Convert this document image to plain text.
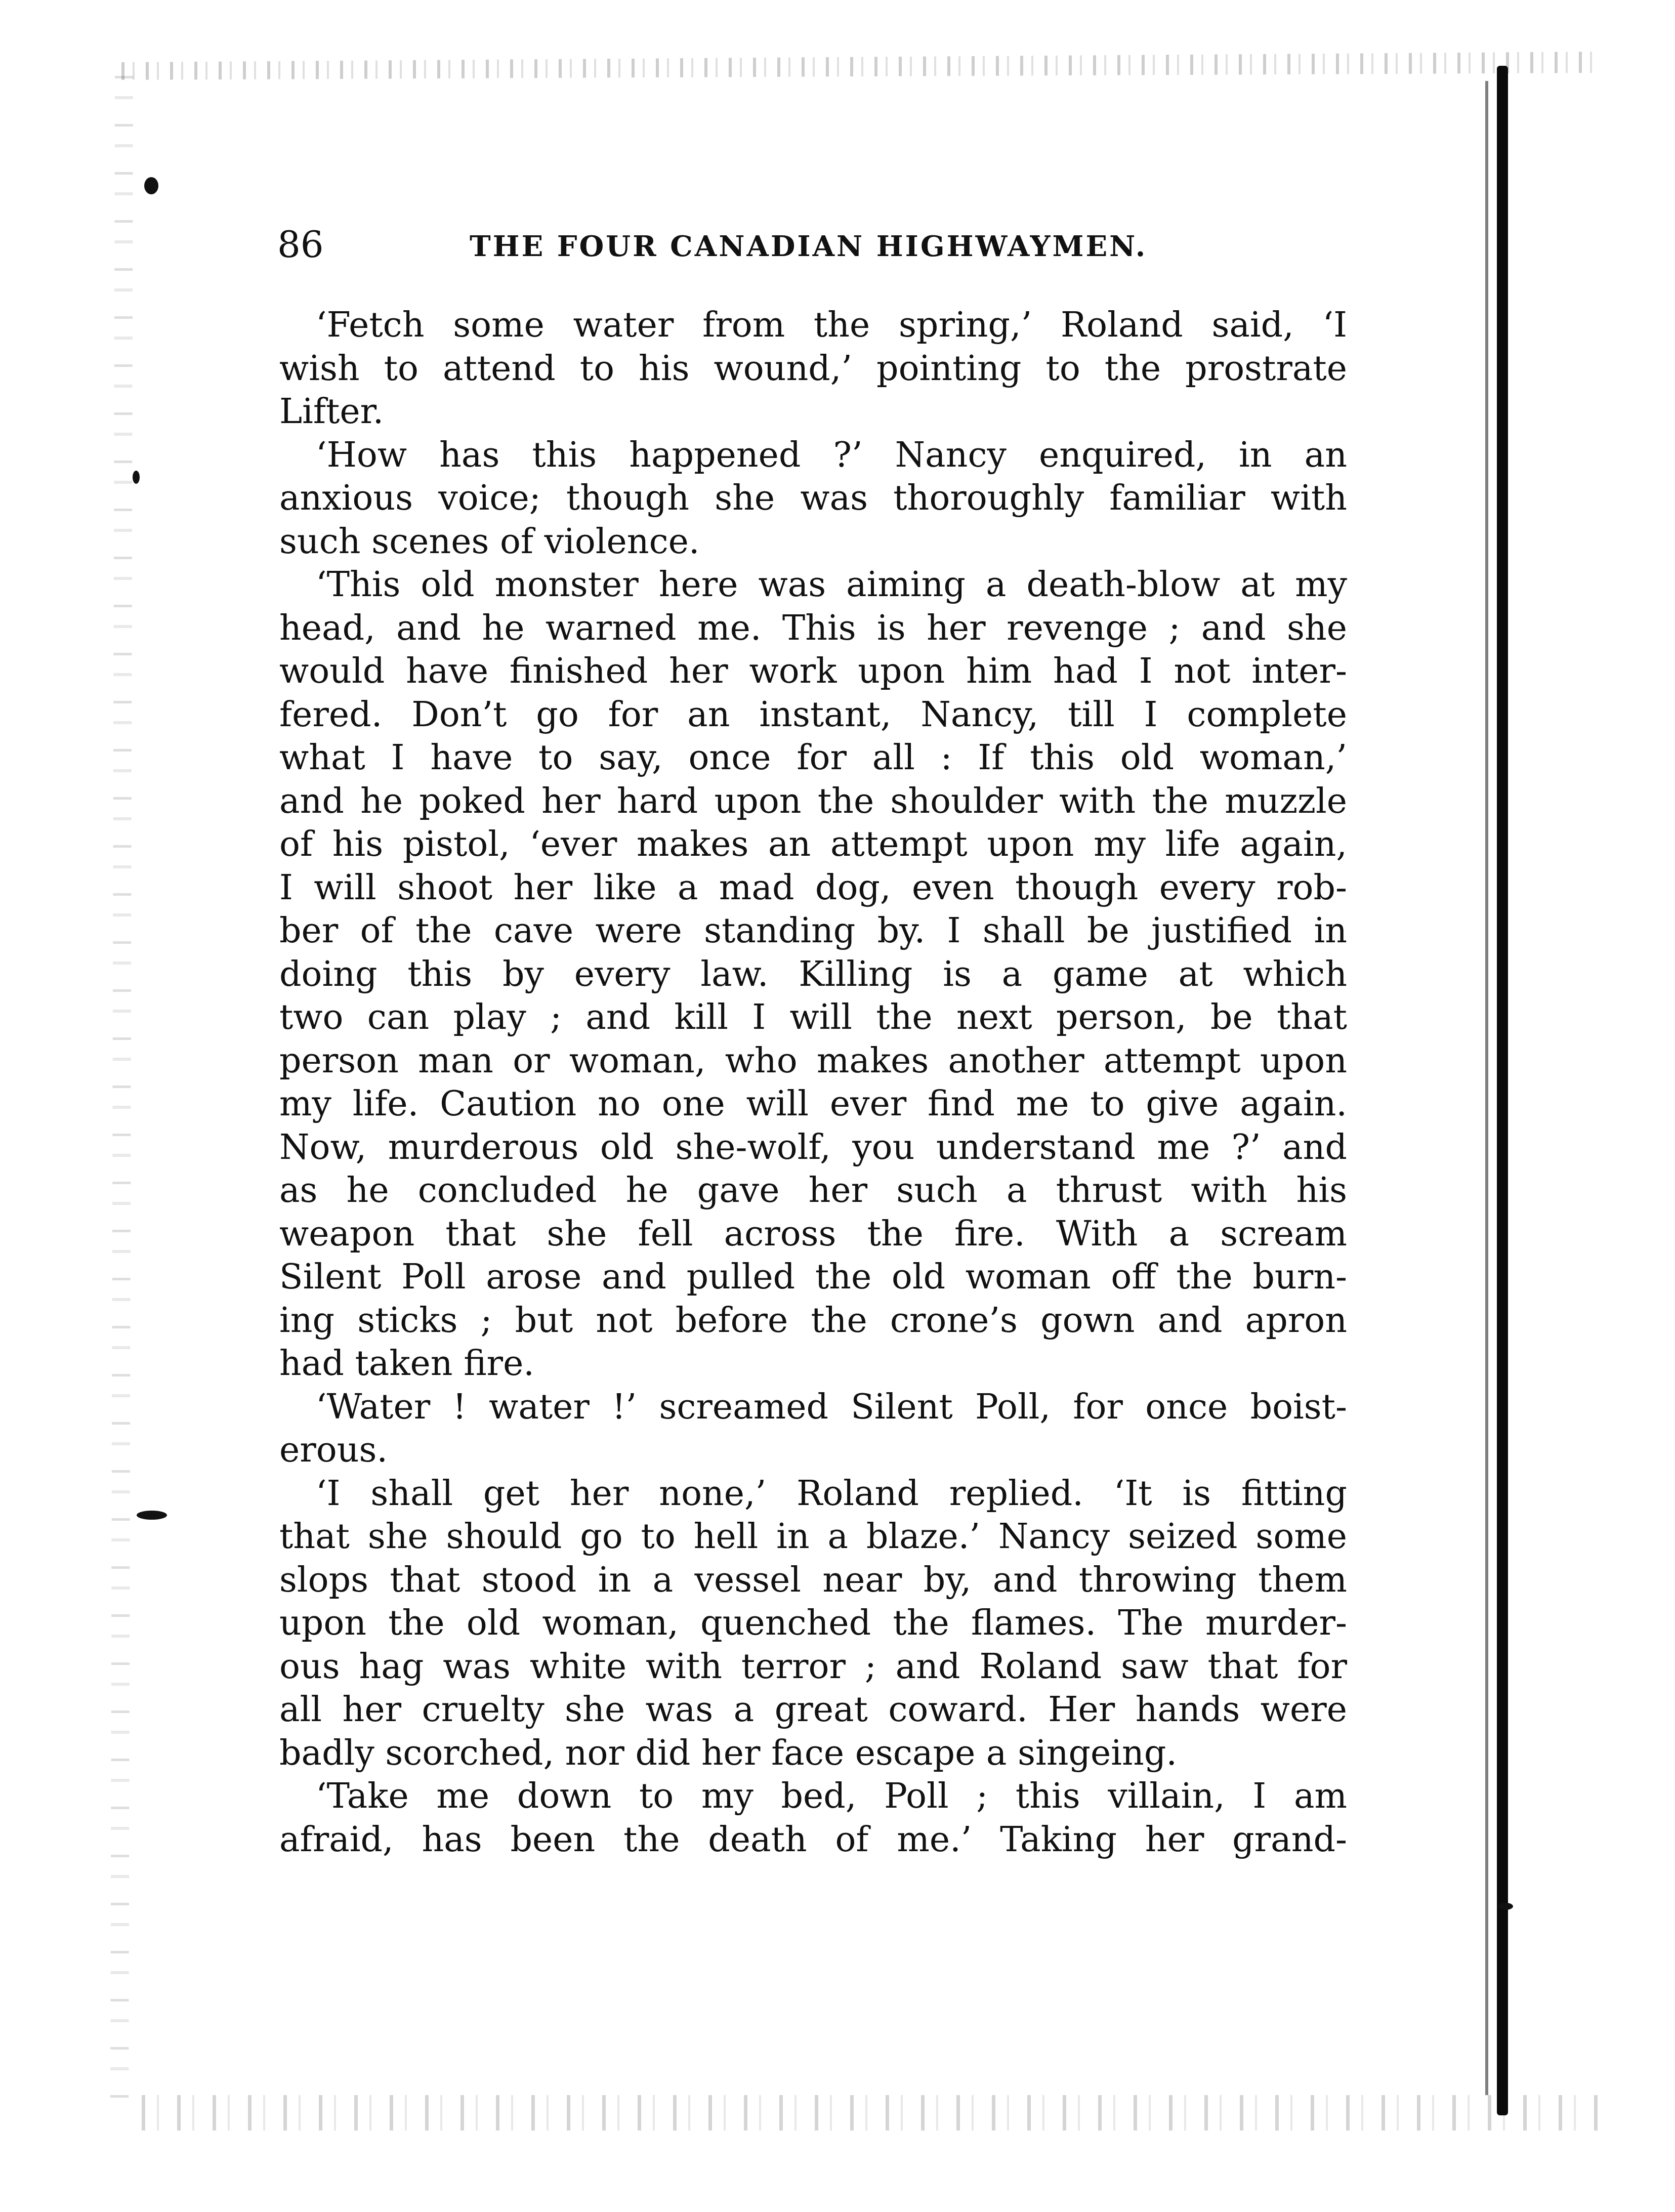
86	THE FOUR CANADIAN HIGHWAYMEN.
‘Fetch some water from the spring,’ Roland said, ‘I
wish to attend to his wound,’ pointing to the prostrate
Lifter.
‘How has this happened ?’ Nancy enquired, in an
anxious voice; though she was thoroughly familiar with
such scenes of violence.
‘This old monster here was aiming a death-blow at my
head, and he warned me. This is her revenge ; and she
would have finished her work upon him had I not inter-
fered. Don’t go for an instant, Nancy, till I complete
what I have to say, once for all : If this old woman,’
and he poked her hard upon the shoulder with the muzzle
of his pistol, ‘ever makes an attempt upon my life again,
I will shoot her like a mad dog, even though every rob-
ber of the cave were standing by. I shall be justified in
doing this by every law. Killing is a game at which
two can play ; and kill I will the next person, be that
person man or woman, who makes another attempt upon
my life. Caution no one will ever find me to give again.
Now, murderous old she-wolf, you understand me ?’ and
as he concluded he gave her such a thrust with his
weapon that she fell across the fire. With a scream
Silent Poll arose and pulled the old woman off the burn-
ing sticks ; but not before the crone’s gown and apron
had taken fire.
‘Water ! water !’ screamed Silent Poll, for once boist-
erous.
‘I shall get her none,’ Roland replied. ‘It is fitting
that she should go to hell in a blaze.’ Nancy seized some
slops that stood in a vessel near by, and throwing them
upon the old woman, quenched the flames. The murder-
ous hag was white with terror ; and Roland saw that for
all her cruelty she was a great coward. Her hands were
badly scorched, nor did her face escape a singeing.
‘Take me down to my bed, Poll ; this villain, I am
afraid, has been the death of me.’ Taking her grand-
